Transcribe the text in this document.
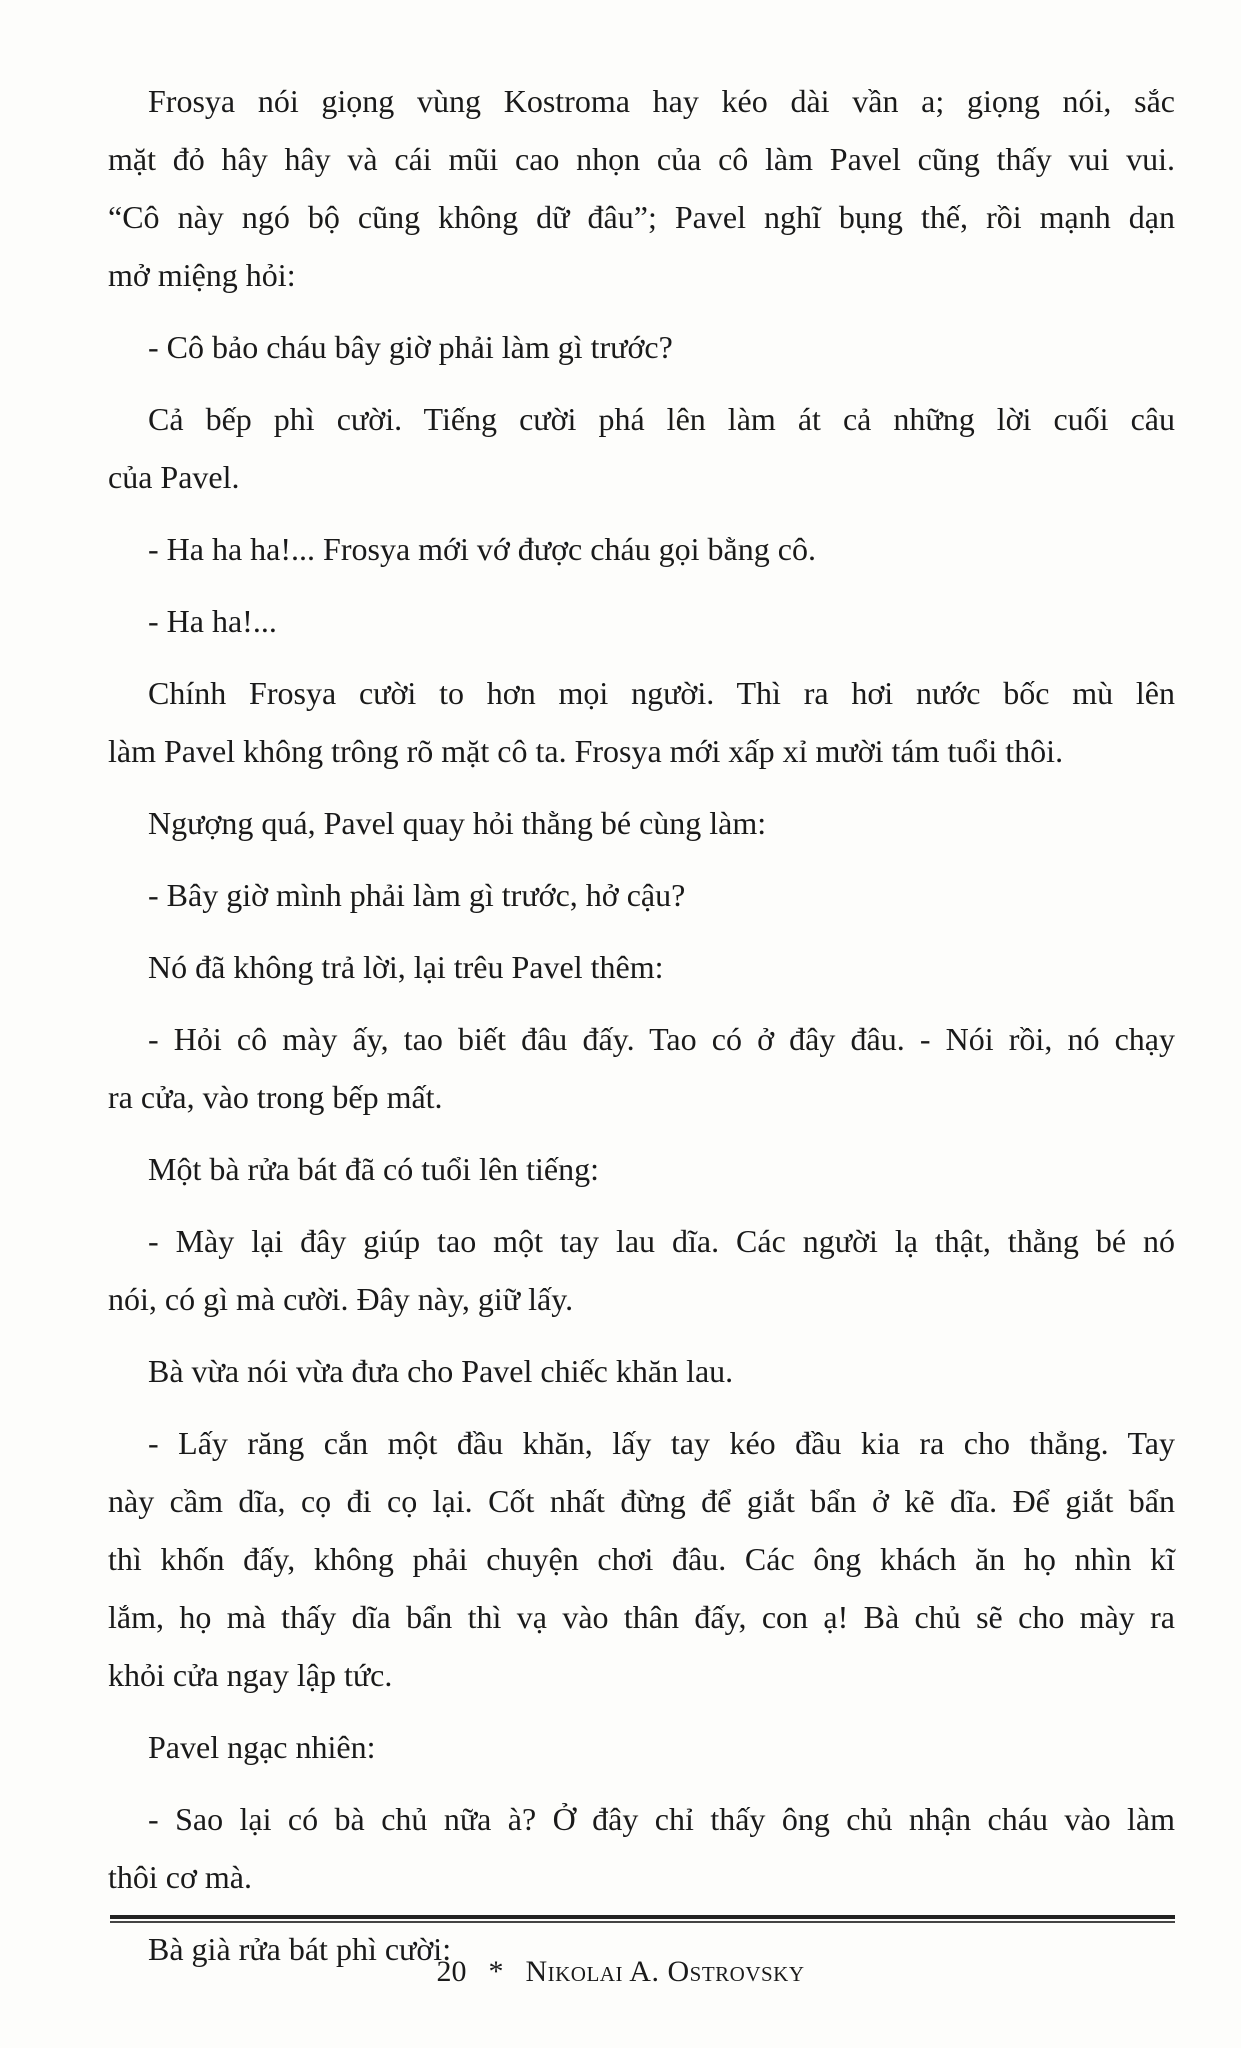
Frosya nói giọng vùng Kostroma hay kéo dài vần a; giọng nói, sắc
mặt đỏ hây hây và cái mũi cao nhọn của cô làm Pavel cũng thấy vui vui.
“Cô này ngó bộ cũng không dữ đâu”; Pavel nghĩ bụng thế, rồi mạnh dạn
mở miệng hỏi:
- Cô bảo cháu bây giờ phải làm gì trước?
Cả bếp phì cười. Tiếng cười phá lên làm át cả những lời cuối câu
của Pavel.
- Ha ha ha!... Frosya mới vớ được cháu gọi bằng cô.
- Ha ha!...
Chính Frosya cười to hơn mọi người. Thì ra hơi nước bốc mù lên
làm Pavel không trông rõ mặt cô ta. Frosya mới xấp xỉ mười tám tuổi thôi.
Ngượng quá, Pavel quay hỏi thằng bé cùng làm:
- Bây giờ mình phải làm gì trước, hở cậu?
Nó đã không trả lời, lại trêu Pavel thêm:
- Hỏi cô mày ấy, tao biết đâu đấy. Tao có ở đây đâu. - Nói rồi, nó chạy
ra cửa, vào trong bếp mất.
Một bà rửa bát đã có tuổi lên tiếng:
- Mày lại đây giúp tao một tay lau dĩa. Các người lạ thật, thằng bé nó
nói, có gì mà cười. Đây này, giữ lấy.
Bà vừa nói vừa đưa cho Pavel chiếc khăn lau.
- Lấy răng cắn một đầu khăn, lấy tay kéo đầu kia ra cho thẳng. Tay
này cầm dĩa, cọ đi cọ lại. Cốt nhất đừng để giắt bẩn ở kẽ dĩa. Để giắt bẩn
thì khốn đấy, không phải chuyện chơi đâu. Các ông khách ăn họ nhìn kĩ
lắm, họ mà thấy dĩa bẩn thì vạ vào thân đấy, con ạ! Bà chủ sẽ cho mày ra
khỏi cửa ngay lập tức.
Pavel ngạc nhiên:
- Sao lại có bà chủ nữa à? Ở đây chỉ thấy ông chủ nhận cháu vào làm
thôi cơ mà.
Bà già rửa bát phì cười:
20 * Nikolai A. Ostrovsky
